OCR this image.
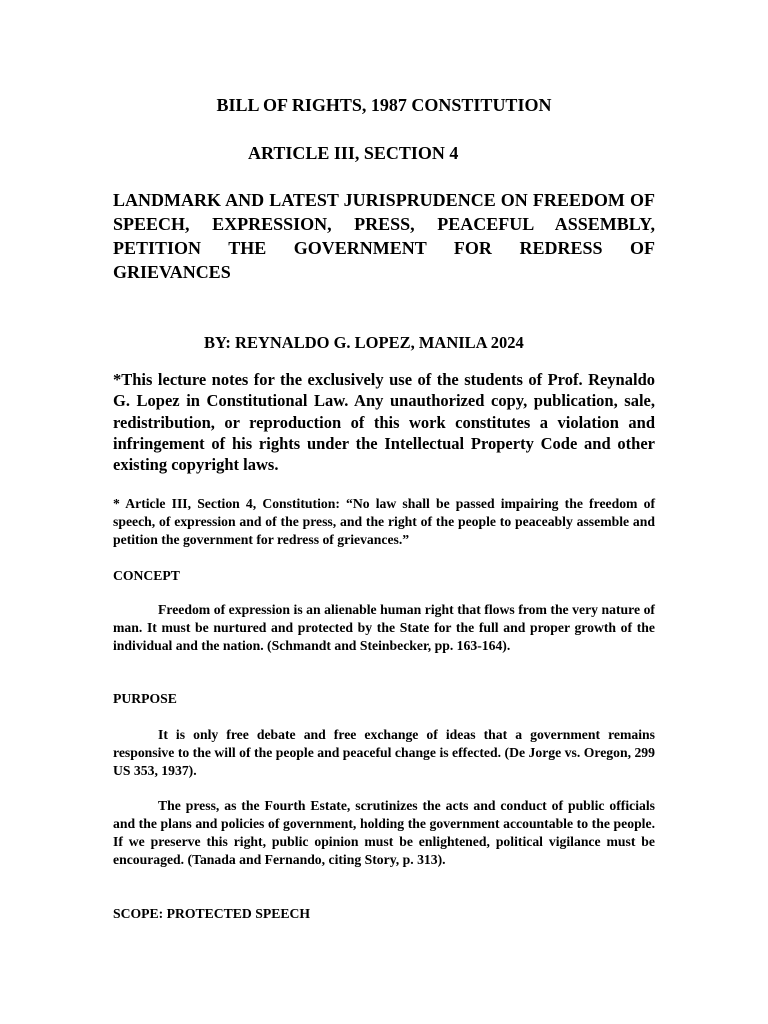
BILL OF RIGHTS, 1987 CONSTITUTION

ARTICLE III, SECTION 4

LANDMARK AND LATEST JURISPRUDENCE ON FREEDOM OF SPEECH, EXPRESSION, PRESS, PEACEFUL ASSEMBLY, PETITION THE GOVERNMENT FOR REDRESS OF GRIEVANCES

BY: REYNALDO G. LOPEZ, MANILA 2024

*This lecture notes for the exclusively use of the students of Prof. Reynaldo G. Lopez in Constitutional Law. Any unauthorized copy, publication, sale, redistribution, or reproduction of this work constitutes a violation and infringement of his rights under the Intellectual Property Code and other existing copyright laws.

* Article III, Section 4, Constitution: “No law shall be passed impairing the freedom of speech, of expression and of the press, and the right of the people to peaceably assemble and petition the government for redress of grievances.”

CONCEPT

Freedom of expression is an alienable human right that flows from the very nature of man. It must be nurtured and protected by the State for the full and proper growth of the individual and the nation. (Schmandt and Steinbecker, pp. 163-164).

PURPOSE

It is only free debate and free exchange of ideas that a government remains responsive to the will of the people and peaceful change is effected. (De Jorge vs. Oregon, 299 US 353, 1937).

The press, as the Fourth Estate, scrutinizes the acts and conduct of public officials and the plans and policies of government, holding the government accountable to the people. If we preserve this right, public opinion must be enlightened, political vigilance must be encouraged. (Tanada and Fernando, citing Story, p. 313).

SCOPE: PROTECTED SPEECH
